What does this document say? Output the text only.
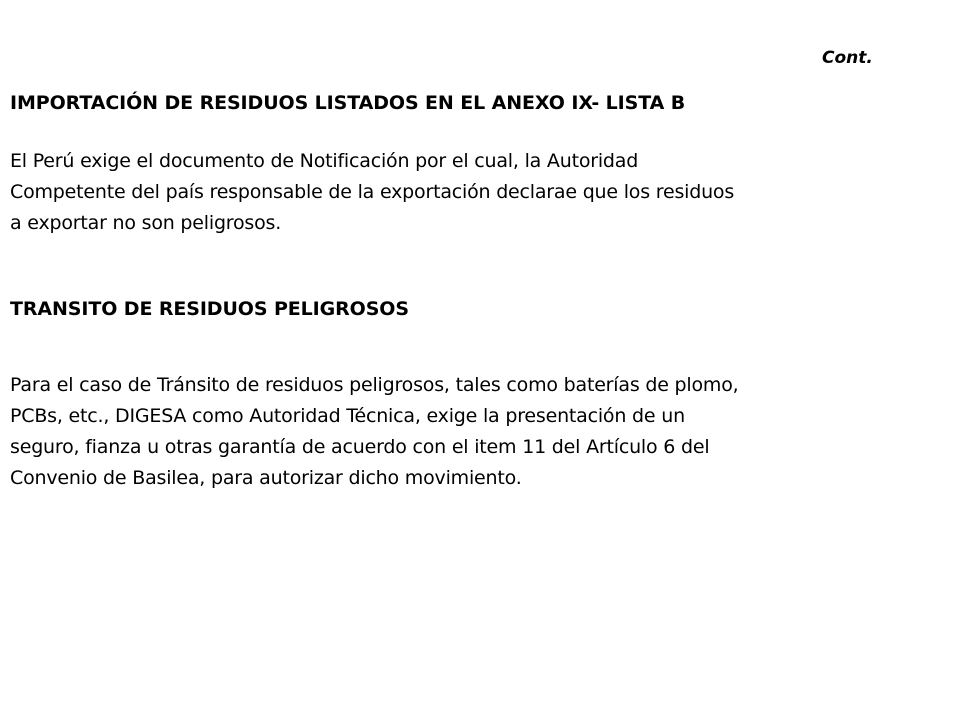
Cont.
IMPORTACIÓN DE RESIDUOS LISTADOS EN EL ANEXO IX- LISTA B
El Perú exige el documento de Notificación por el cual, la Autoridad
Competente del país responsable de la exportación declarae que los residuos
a exportar no son peligrosos.
TRANSITO DE RESIDUOS PELIGROSOS
Para el caso de Tránsito de residuos peligrosos, tales como baterías de plomo,
PCBs, etc., DIGESA como Autoridad Técnica, exige la presentación de un
seguro, fianza u otras garantía de acuerdo con el item 11 del Artículo 6 del
Convenio de Basilea, para autorizar dicho movimiento.
